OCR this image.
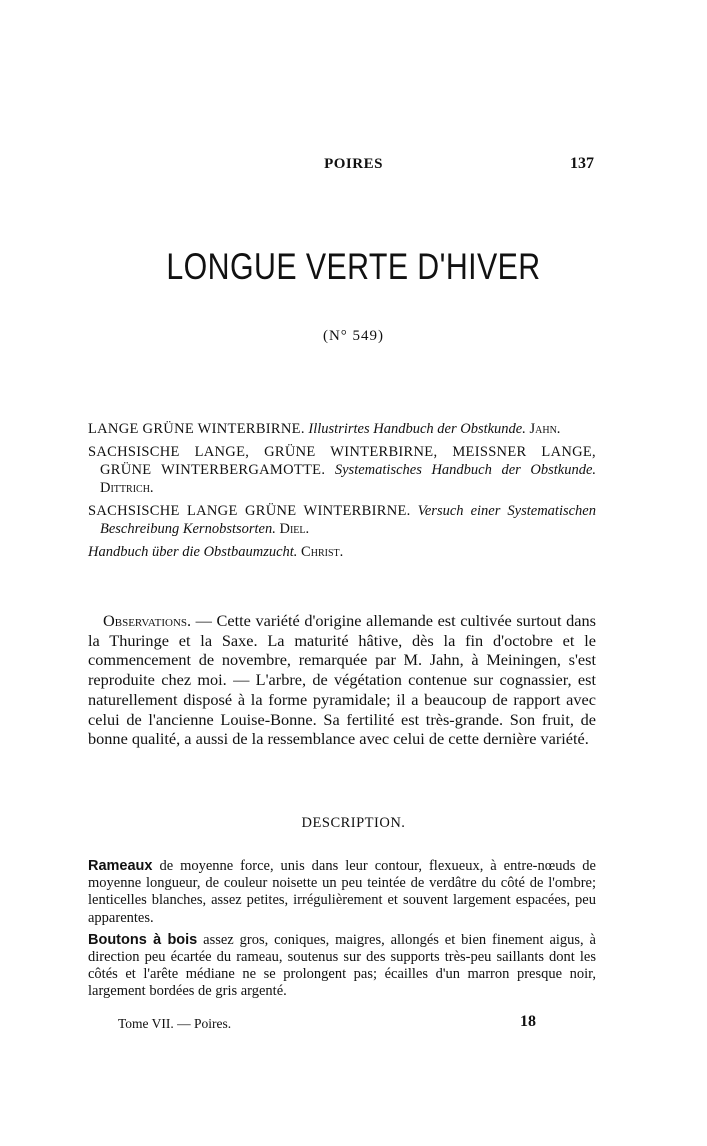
POIRES	137
LONGUE VERTE D'HIVER
(N° 549)

LANGE GRÜNE WINTERBIRNE. Illustrirtes Handbuch der Obstkunde. Jahn.

SACHSISCHE LANGE, GRÜNE WINTERBIRNE, MEISSNER LANGE, GRÜNE WINTERBERGAMOTTE. Systematisches Handbuch der Obstkunde. Dittrich.

SACHSISCHE LANGE GRÜNE WINTERBIRNE. Versuch einer Systematischen Beschreibung Kernobstsorten. Diel.

Handbuch über die Obstbaumzucht. Christ.

Observations. — Cette variété d'origine allemande est cultivée surtout dans la Thuringe et la Saxe. La maturité hâtive, dès la fin d'octobre et le commencement de novembre, remarquée par M. Jahn, à Meiningen, s'est reproduite chez moi. — L'arbre, de végétation contenue sur cognassier, est naturellement disposé à la forme pyramidale; il a beaucoup de rapport avec celui de l'ancienne Louise-Bonne. Sa fertilité est très-grande. Son fruit, de bonne qualité, a aussi de la ressemblance avec celui de cette dernière variété.

DESCRIPTION.

Rameaux de moyenne force, unis dans leur contour, flexueux, à entre-nœuds de moyenne longueur, de couleur noisette un peu teintée de verdâtre du côté de l'ombre; lenticelles blanches, assez petites, irrégulièrement et souvent largement espacées, peu apparentes.

Boutons à bois assez gros, coniques, maigres, allongés et bien finement aigus, à direction peu écartée du rameau, soutenus sur des supports très-peu saillants dont les côtés et l'arête médiane ne se prolongent pas; écailles d'un marron presque noir, largement bordées de gris argenté.

Tome VII. — Poires.	18
